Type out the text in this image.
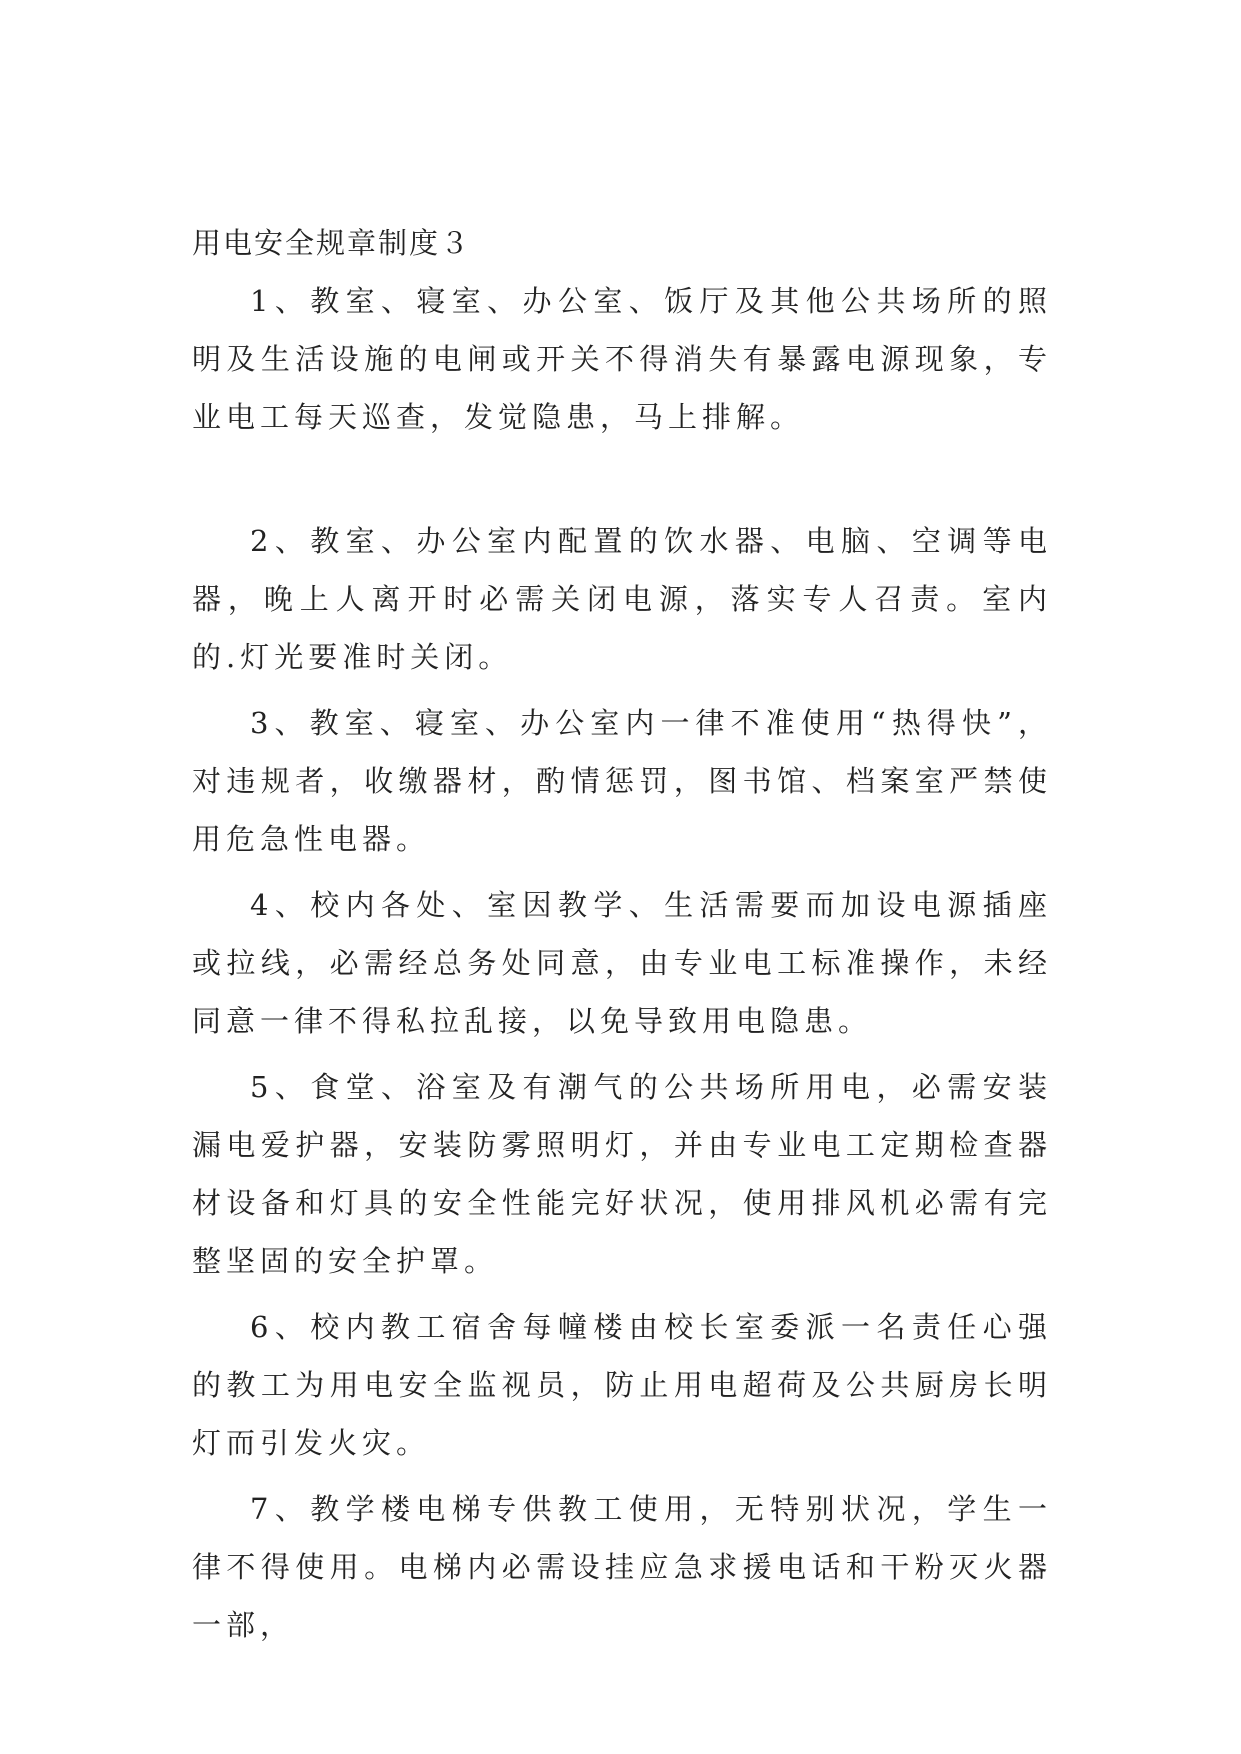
用电安全规章制度３

1、教室、寝室、办公室、饭厅及其他公共场所的照明及生活设施的电闸或开关不得消失有暴露电源现象，专业电工每天巡查，发觉隐患，马上排解。

2、教室、办公室内配置的饮水器、电脑、空调等电器，晚上人离开时必需关闭电源，落实专人召责。室内的.灯光要准时关闭。

3、教室、寝室、办公室内一律不准使用“热得快”，对违规者，收缴器材，酌情惩罚，图书馆、档案室严禁使用危急性电器。

4、校内各处、室因教学、生活需要而加设电源插座或拉线，必需经总务处同意，由专业电工标准操作，未经同意一律不得私拉乱接，以免导致用电隐患。

5、食堂、浴室及有潮气的公共场所用电，必需安装漏电爱护器，安装防雾照明灯，并由专业电工定期检查器材设备和灯具的安全性能完好状况，使用排风机必需有完整坚固的安全护罩。

6、校内教工宿舍每幢楼由校长室委派一名责任心强的教工为用电安全监视员，防止用电超荷及公共厨房长明灯而引发火灾。

7、教学楼电梯专供教工使用，无特别状况，学生一律不得使用。电梯内必需设挂应急求援电话和干粉灭火器一部，
